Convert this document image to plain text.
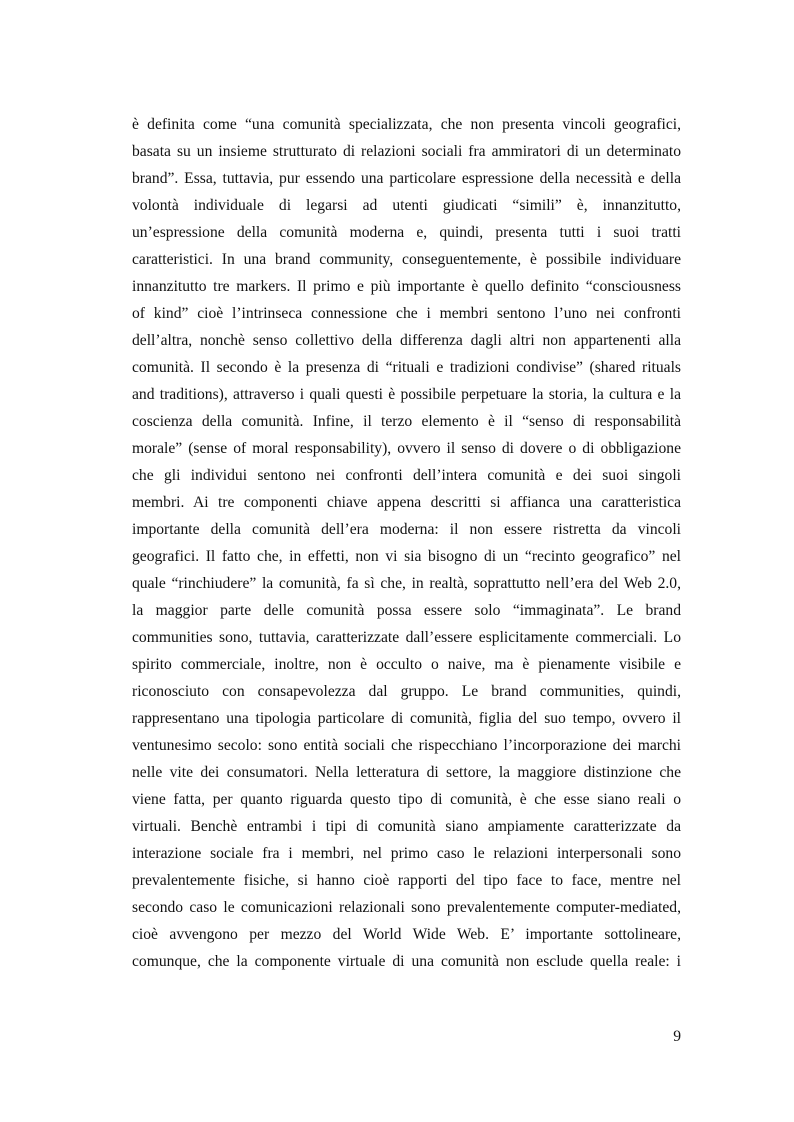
è definita come “una comunità specializzata, che non presenta vincoli geografici,
basata su un insieme strutturato di relazioni sociali fra ammiratori di un determinato
brand”. Essa, tuttavia, pur essendo una particolare espressione della necessità e della
volontà individuale di legarsi ad utenti giudicati “simili” è, innanzitutto,
un’espressione della comunità moderna e, quindi, presenta tutti i suoi tratti
caratteristici. In una brand community, conseguentemente, è possibile individuare
innanzitutto tre markers. Il primo e più importante è quello definito “consciousness
of kind” cioè l’intrinseca connessione che i membri sentono l’uno nei confronti
dell’altra, nonchè senso collettivo della differenza dagli altri non appartenenti alla
comunità. Il secondo è la presenza di “rituali e tradizioni condivise” (shared rituals
and traditions), attraverso i quali questi è possibile perpetuare la storia, la cultura e la
coscienza della comunità. Infine, il terzo elemento è il “senso di responsabilità
morale” (sense of moral responsability), ovvero il senso di dovere o di obbligazione
che gli individui sentono nei confronti dell’intera comunità e dei suoi singoli
membri. Ai tre componenti chiave appena descritti si affianca una caratteristica
importante della comunità dell’era moderna: il non essere ristretta da vincoli
geografici. Il fatto che, in effetti, non vi sia bisogno di un “recinto geografico” nel
quale “rinchiudere” la comunità, fa sì che, in realtà, soprattutto nell’era del Web 2.0,
la maggior parte delle comunità possa essere solo “immaginata”. Le brand
communities sono, tuttavia, caratterizzate dall’essere esplicitamente commerciali. Lo
spirito commerciale, inoltre, non è occulto o naive, ma è pienamente visibile e
riconosciuto con consapevolezza dal gruppo. Le brand communities, quindi,
rappresentano una tipologia particolare di comunità, figlia del suo tempo, ovvero il
ventunesimo secolo: sono entità sociali che rispecchiano l’incorporazione dei marchi
nelle vite dei consumatori. Nella letteratura di settore, la maggiore distinzione che
viene fatta, per quanto riguarda questo tipo di comunità, è che esse siano reali o
virtuali. Benchè entrambi i tipi di comunità siano ampiamente caratterizzate da
interazione sociale fra i membri, nel primo caso le relazioni interpersonali sono
prevalentemente fisiche, si hanno cioè rapporti del tipo face to face, mentre nel
secondo caso le comunicazioni relazionali sono prevalentemente computer-mediated,
cioè avvengono per mezzo del World Wide Web. E’ importante sottolineare,
comunque, che la componente virtuale di una comunità non esclude quella reale: i
9
